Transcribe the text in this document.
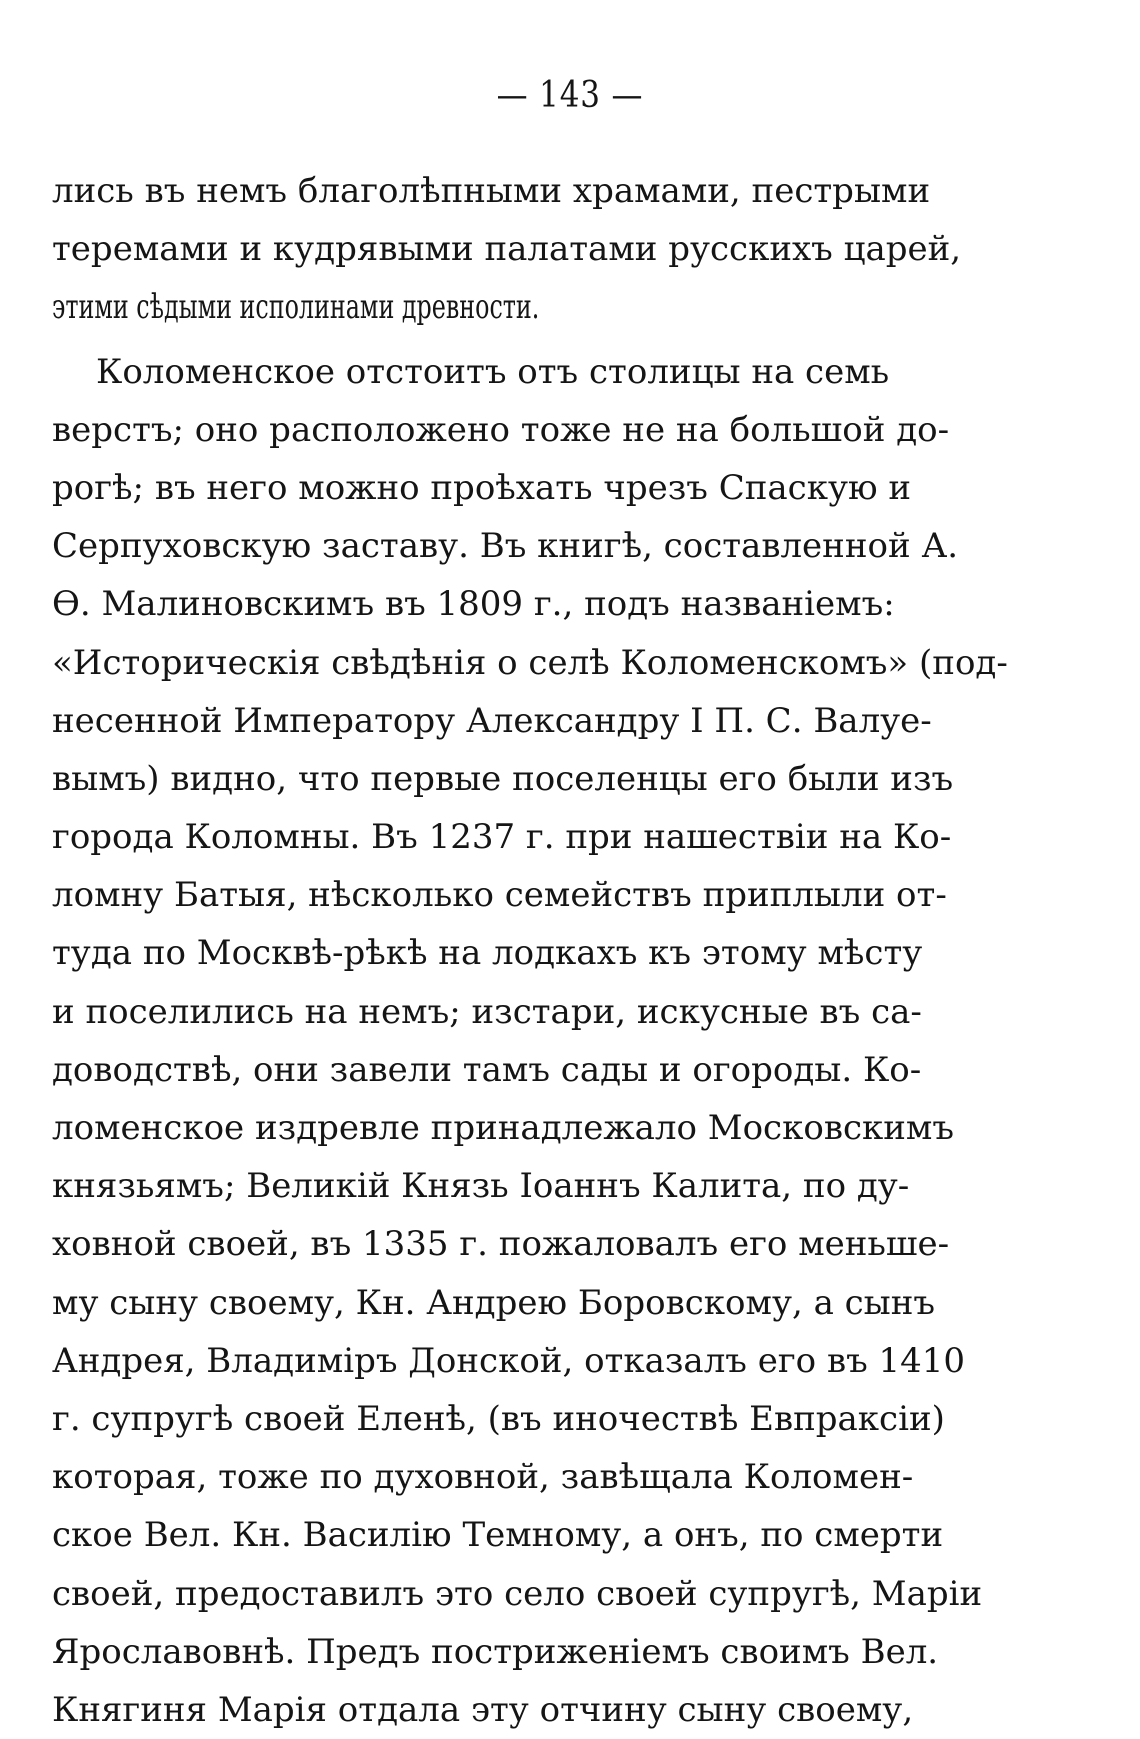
— 143 —
лись въ немъ благолѣпными храмами, пестрыми
теремами и кудрявыми палатами русскихъ царей,
этими сѣдыми исполинами древности.
Коломенское отстоитъ отъ столицы на семь
верстъ; оно расположено тоже не на большой до-
рогѣ; въ него можно проѣхать чрезъ Спаскую и
Серпуховскую заставу. Въ книгѣ, составленной А.
Ѳ. Малиновскимъ въ 1809 г., подъ названіемъ:
«Историческія свѣдѣнія о селѣ Коломенскомъ» (под-
несенной Императору Александру I П. С. Валуе-
вымъ) видно, что первые поселенцы его были изъ
города Коломны. Въ 1237 г. при нашествіи на Ко-
ломну Батыя, нѣсколько семействъ приплыли от-
туда по Москвѣ-рѣкѣ на лодкахъ къ этому мѣсту
и поселились на немъ; изстари, искусные въ са-
доводствѣ, они завели тамъ сады и огороды. Ко-
ломенское издревле принадлежало Московскимъ
князьямъ; Великій Князь Іоаннъ Калита, по ду-
ховной своей, въ 1335 г. пожаловалъ его меньше-
му сыну своему, Кн. Андрею Боровскому, а сынъ
Андрея, Владиміръ Донской, отказалъ его въ 1410
г. супругѣ своей Еленѣ, (въ иночествѣ Евпраксіи)
которая, тоже по духовной, завѣщала Коломен-
ское Вел. Кн. Василію Темному, а онъ, по смерти
своей, предоставилъ это село своей супругѣ, Маріи
Ярославовнѣ. Предъ постриженіемъ своимъ Вел.
Княгиня Марія отдала эту отчину сыну своему,
